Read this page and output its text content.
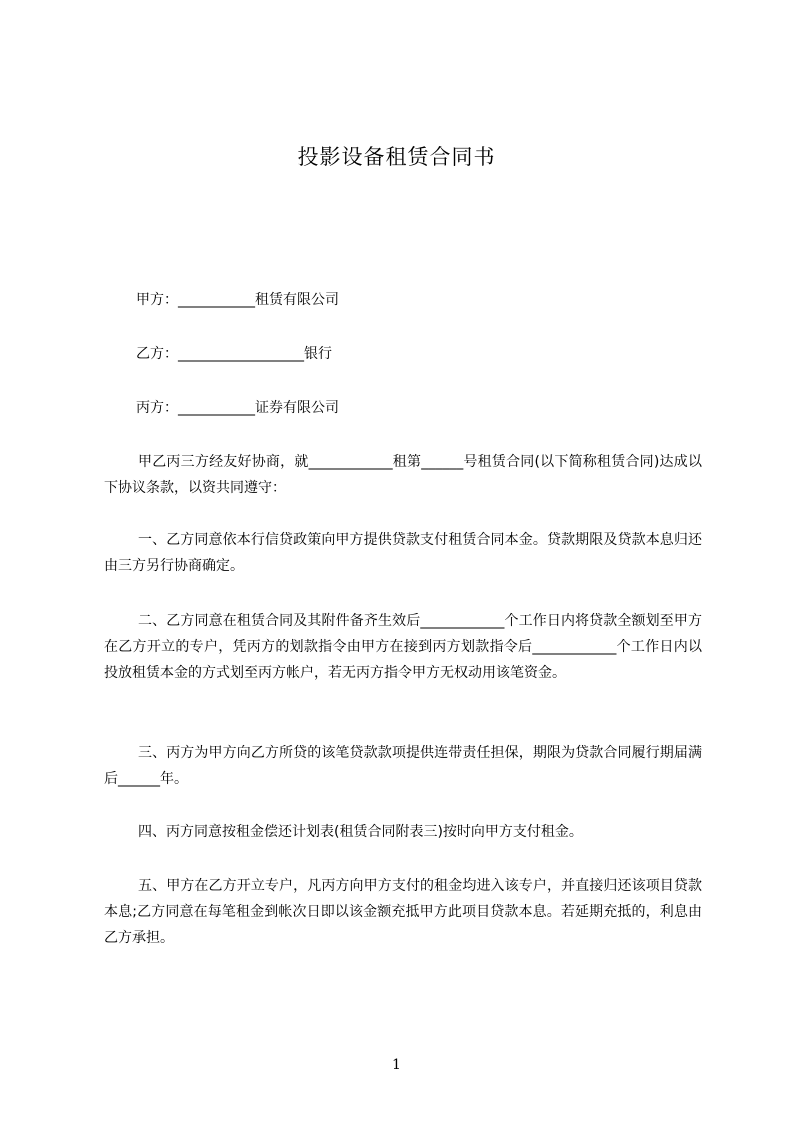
投影设备租赁合同书
甲方：___________租赁有限公司
乙方：__________________银行
丙方：___________证券有限公司

甲乙丙三方经友好协商，就____________租第______号租赁合同(以下简称租赁合同)达成以下协议条款，以资共同遵守：

一、乙方同意依本行信贷政策向甲方提供贷款支付租赁合同本金。贷款期限及贷款本息归还由三方另行协商确定。

二、乙方同意在租赁合同及其附件备齐生效后____________个工作日内将贷款全额划至甲方在乙方开立的专户，凭丙方的划款指令由甲方在接到丙方划款指令后____________个工作日内以投放租赁本金的方式划至丙方帐户，若无丙方指令甲方无权动用该笔资金。

三、丙方为甲方向乙方所贷的该笔贷款款项提供连带责任担保，期限为贷款合同履行期届满后______年。

四、丙方同意按租金偿还计划表(租赁合同附表三)按时向甲方支付租金。

五、甲方在乙方开立专户，凡丙方向甲方支付的租金均进入该专户，并直接归还该项目贷款本息;乙方同意在每笔租金到帐次日即以该金额充抵甲方此项目贷款本息。若延期充抵的，利息由乙方承担。

1
